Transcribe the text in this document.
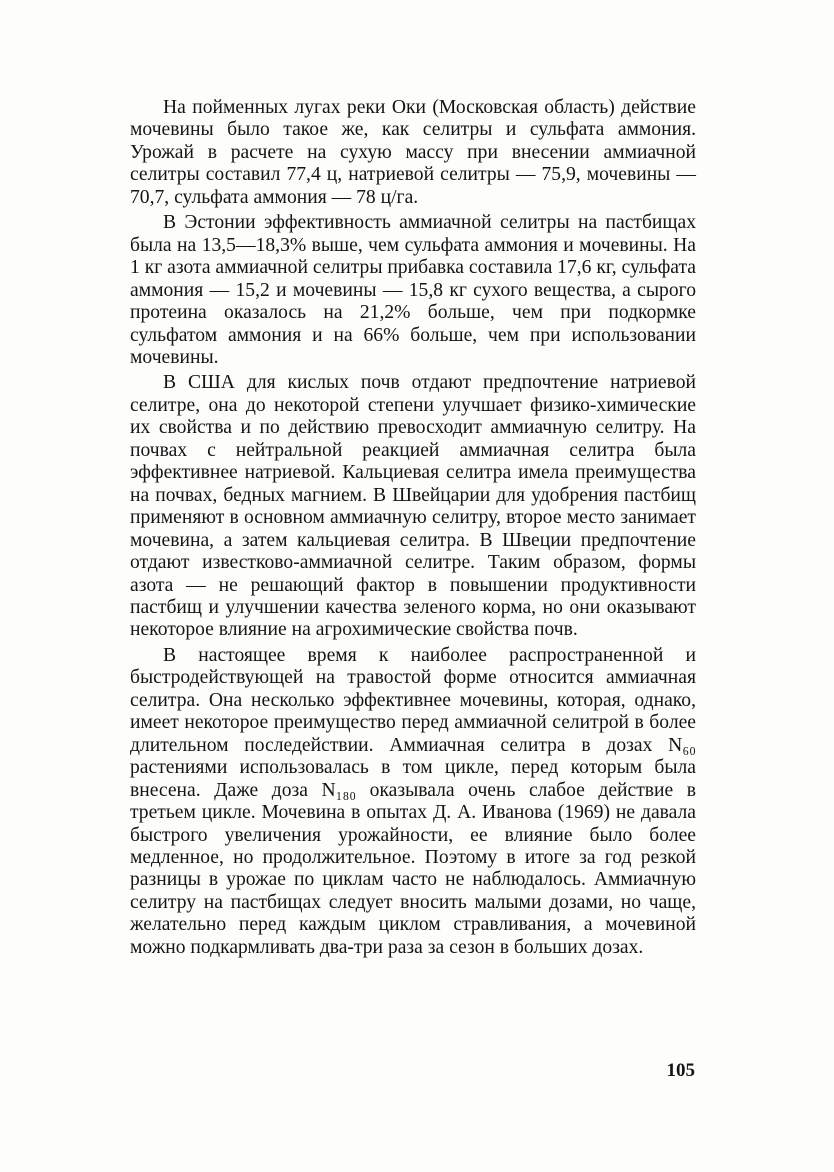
На пойменных лугах реки Оки (Московская область) действие мочевины было такое же, как селитры и сульфата аммония. Урожай в расчете на сухую массу при внесении аммиачной селитры составил 77,4 ц, натриевой селитры — 75,9, мочевины — 70,7, сульфата аммония — 78 ц/га.

В Эстонии эффективность аммиачной селитры на пастбищах была на 13,5—18,3% выше, чем сульфата аммония и мочевины. На 1 кг азота аммиачной селитры прибавка составила 17,6 кг, сульфата аммония — 15,2 и мочевины — 15,8 кг сухого вещества, а сырого протеина оказалось на 21,2% больше, чем при подкормке сульфатом аммония и на 66% больше, чем при использовании мочевины.

В США для кислых почв отдают предпочтение натриевой селитре, она до некоторой степени улучшает физико-химические их свойства и по действию превосходит аммиачную селитру. На почвах с нейтральной реакцией аммиачная селитра была эффективнее натриевой. Кальциевая селитра имела преимущества на почвах, бедных магнием. В Швейцарии для удобрения пастбищ применяют в основном аммиачную селитру, второе место занимает мочевина, а затем кальциевая селитра. В Швеции предпочтение отдают известково-аммиачной селитре. Таким образом, формы азота — не решающий фактор в повышении продуктивности пастбищ и улучшении качества зеленого корма, но они оказывают некоторое влияние на агрохимические свойства почв.

В настоящее время к наиболее распространенной и быстродействующей на травостой форме относится аммиачная селитра. Она несколько эффективнее мочевины, которая, однако, имеет некоторое преимущество перед аммиачной селитрой в более длительном последействии. Аммиачная селитра в дозах N₆₀ растениями использовалась в том цикле, перед которым была внесена. Даже доза N₁₈₀ оказывала очень слабое действие в третьем цикле. Мочевина в опытах Д. А. Иванова (1969) не давала быстрого увеличения урожайности, ее влияние было более медленное, но продолжительное. Поэтому в итоге за год резкой разницы в урожае по циклам часто не наблюдалось. Аммиачную селитру на пастбищах следует вносить малыми дозами, но чаще, желательно перед каждым циклом стравливания, а мочевиной можно подкармливать два-три раза за сезон в больших дозах.

105
